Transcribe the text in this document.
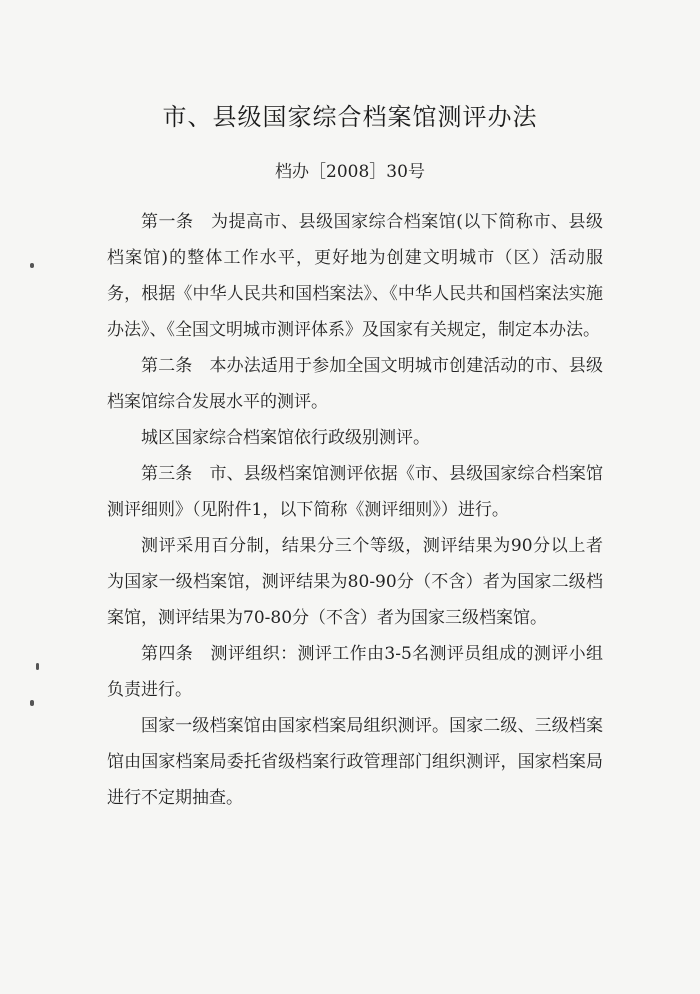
市、县级国家综合档案馆测评办法
档办［2008］30号

第一条　为提高市、县级国家综合档案馆(以下简称市、县级档案馆)的整体工作水平，更好地为创建文明城市（区）活动服务，根据《中华人民共和国档案法》、《中华人民共和国档案法实施办法》、《全国文明城市测评体系》及国家有关规定，制定本办法。

第二条　本办法适用于参加全国文明城市创建活动的市、县级档案馆综合发展水平的测评。

城区国家综合档案馆依行政级别测评。

第三条　市、县级档案馆测评依据《市、县级国家综合档案馆测评细则》（见附件1，以下简称《测评细则》）进行。

测评采用百分制，结果分三个等级，测评结果为90分以上者为国家一级档案馆，测评结果为80-90分（不含）者为国家二级档案馆，测评结果为70-80分（不含）者为国家三级档案馆。

第四条　测评组织：测评工作由3-5名测评员组成的测评小组负责进行。

国家一级档案馆由国家档案局组织测评。国家二级、三级档案馆由国家档案局委托省级档案行政管理部门组织测评，国家档案局进行不定期抽查。
